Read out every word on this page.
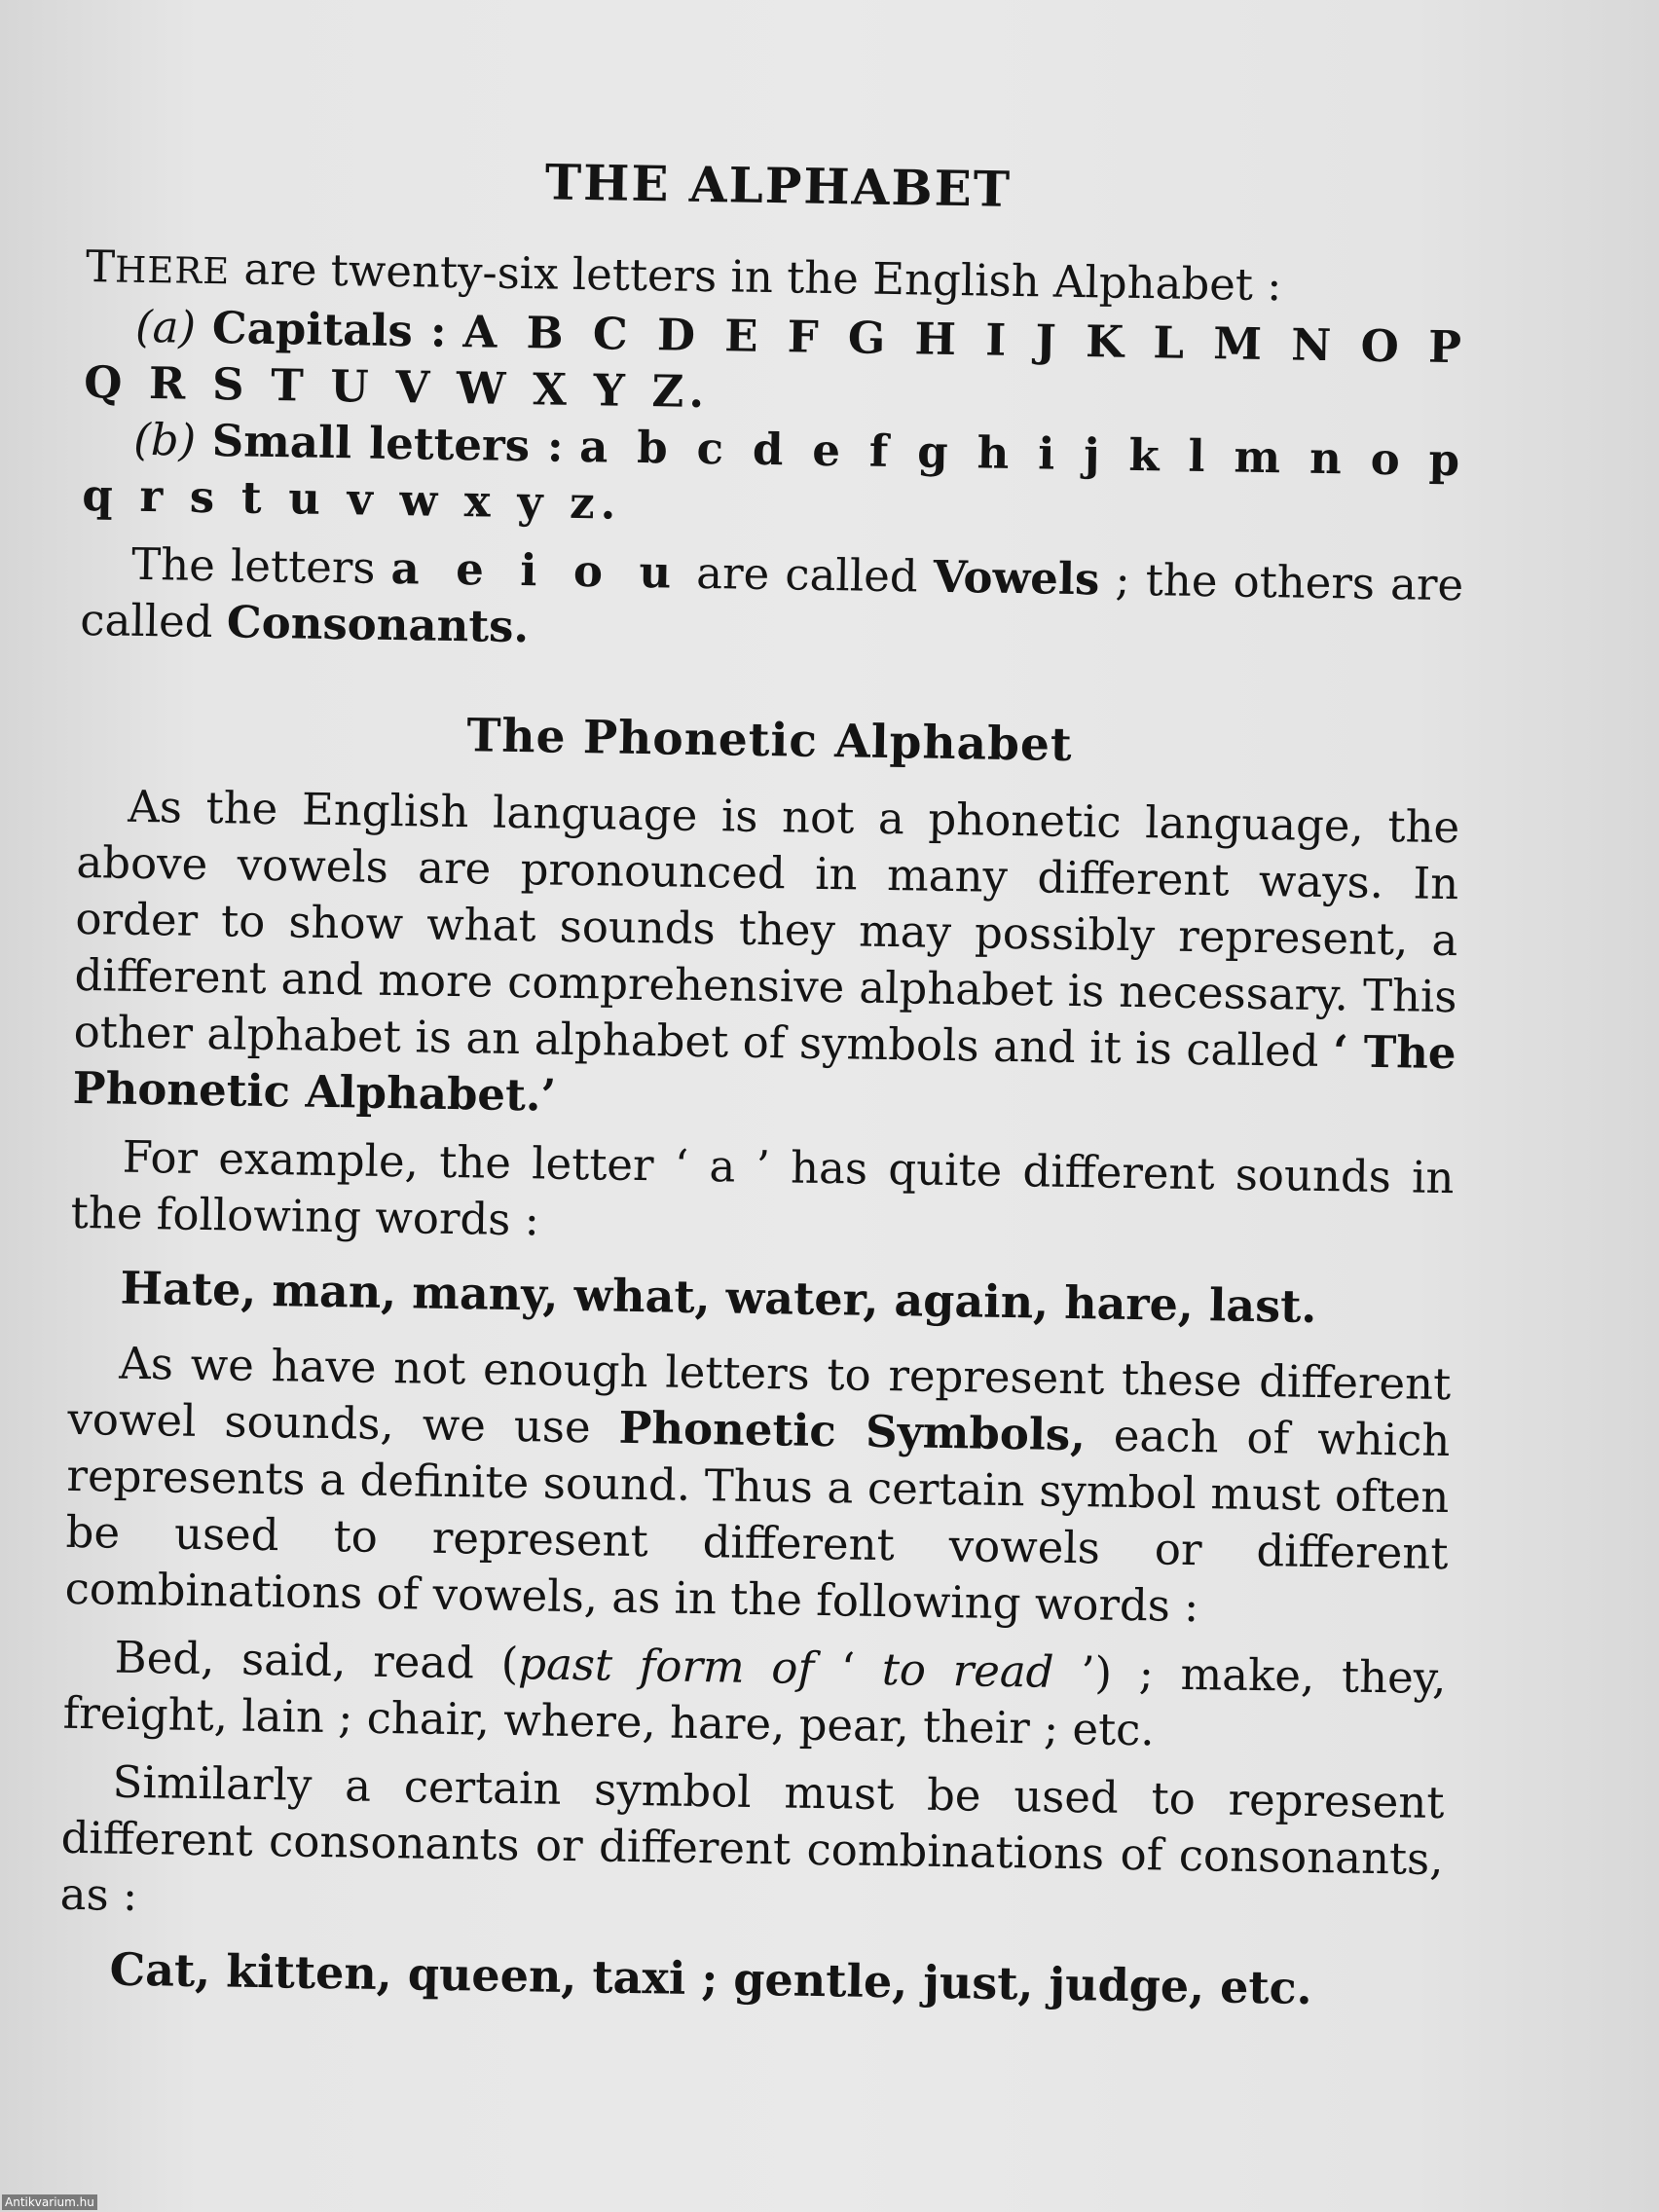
THE ALPHABET

THERE are twenty-six letters in the English Alphabet :

(a) Capitals : A B C D E F G H I J K L M N O P Q R S T U V W X Y Z.

(b) Small letters : a b c d e f g h i j k l m n o p q r s t u v w x y z.

The letters a e i o u are called Vowels ; the others are called Consonants.

The Phonetic Alphabet

As the English language is not a phonetic language, the above vowels are pronounced in many different ways. In order to show what sounds they may possibly represent, a different and more comprehensive alphabet is necessary. This other alphabet is an alphabet of symbols and it is called ‘ The Phonetic Alphabet.’

For example, the letter ‘ a ’ has quite different sounds in the following words :

Hate, man, many, what, water, again, hare, last.

As we have not enough letters to represent these different vowel sounds, we use Phonetic Symbols, each of which represents a definite sound. Thus a certain symbol must often be used to represent different vowels or different combinations of vowels, as in the following words :

Bed, said, read (past form of ‘ to read ’) ; make, they, freight, lain ; chair, where, hare, pear, their ; etc.

Similarly a certain symbol must be used to represent different consonants or different combinations of consonants, as :

Cat, kitten, queen, taxi ; gentle, just, judge, etc.

Antikvarium.hu
